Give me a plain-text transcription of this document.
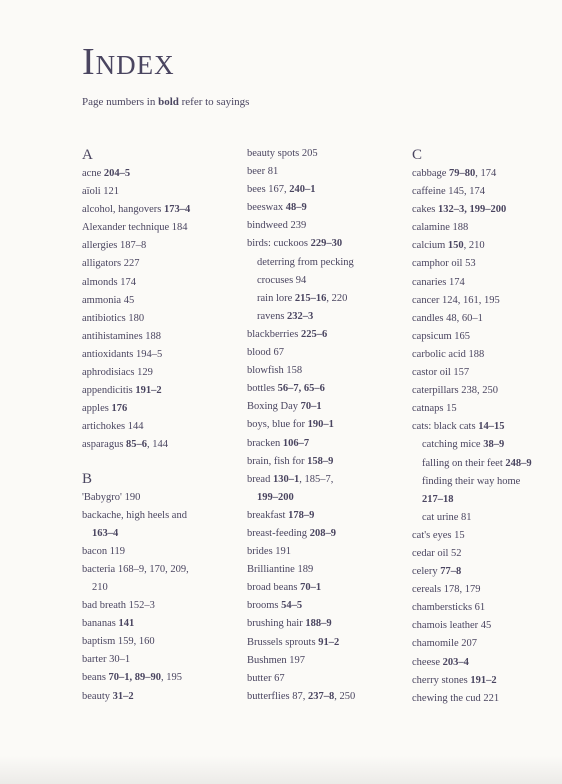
Index
Page numbers in bold refer to sayings
A
acne 204–5
aïoli 121
alcohol, hangovers 173–4
Alexander technique 184
allergies 187–8
alligators 227
almonds 174
ammonia 45
antibiotics 180
antihistamines 188
antioxidants 194–5
aphrodisiacs 129
appendicitis 191–2
apples 176
artichokes 144
asparagus 85–6, 144
B
'Babygro' 190
backache, high heels and
163–4
bacon 119
bacteria 168–9, 170, 209,
210
bad breath 152–3
bananas 141
baptism 159, 160
barter 30–1
beans 70–1, 89–90, 195
beauty 31–2
beauty spots 205
beer 81
bees 167, 240–1
beeswax 48–9
bindweed 239
birds: cuckoos 229–30
deterring from pecking
crocuses 94
rain lore 215–16, 220
ravens 232–3
blackberries 225–6
blood 67
blowfish 158
bottles 56–7, 65–6
Boxing Day 70–1
boys, blue for 190–1
bracken 106–7
brain, fish for 158–9
bread 130–1, 185–7,
199–200
breakfast 178–9
breast-feeding 208–9
brides 191
Brilliantine 189
broad beans 70–1
brooms 54–5
brushing hair 188–9
Brussels sprouts 91–2
Bushmen 197
butter 67
butterflies 87, 237–8, 250
C
cabbage 79–80, 174
caffeine 145, 174
cakes 132–3, 199–200
calamine 188
calcium 150, 210
camphor oil 53
canaries 174
cancer 124, 161, 195
candles 48, 60–1
capsicum 165
carbolic acid 188
castor oil 157
caterpillars 238, 250
catnaps 15
cats: black cats 14–15
catching mice 38–9
falling on their feet 248–9
finding their way home
217–18
cat urine 81
cat's eyes 15
cedar oil 52
celery 77–8
cereals 178, 179
chambersticks 61
chamois leather 45
chamomile 207
cheese 203–4
cherry stones 191–2
chewing the cud 221
